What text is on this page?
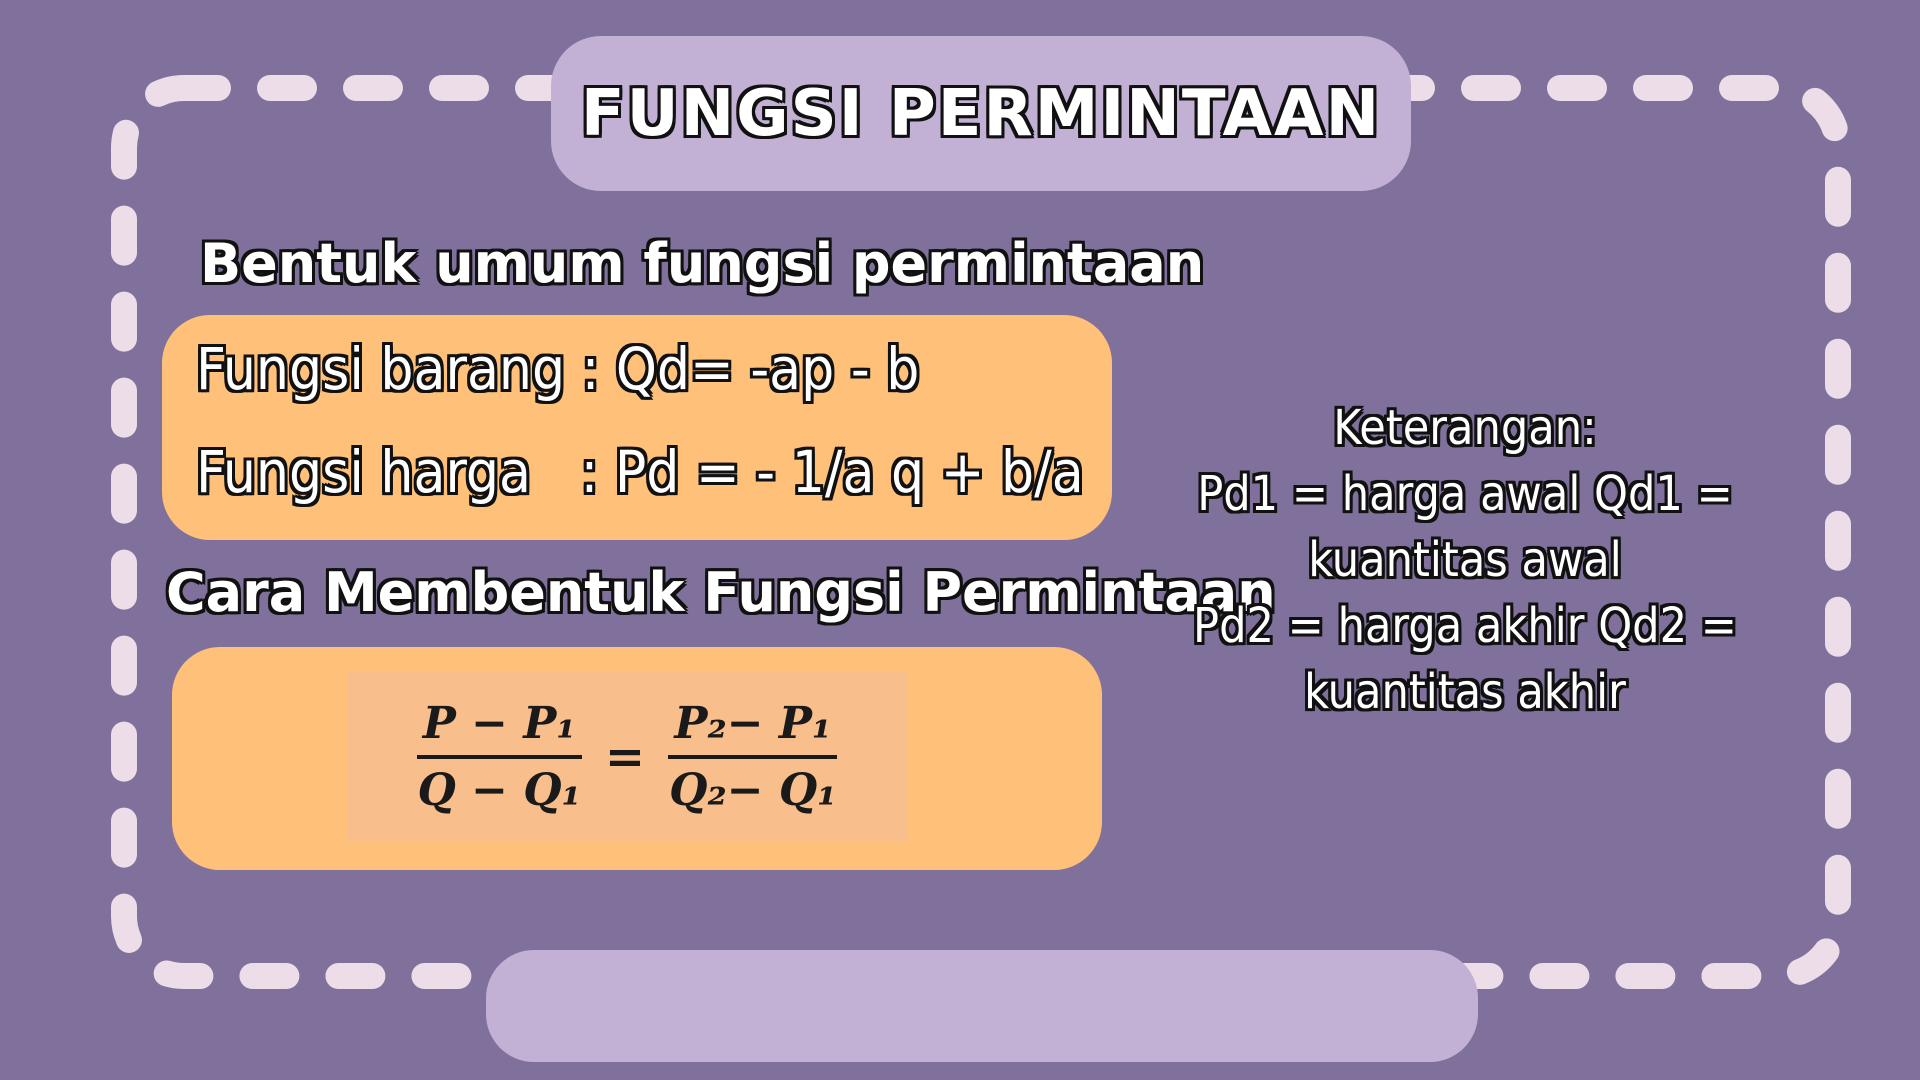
FUNGSI PERMINTAAN
Bentuk umum fungsi permintaan
Fungsi barang : Qd= -ap - b
Fungsi harga   : Pd = - 1/a q + b/a
Cara Membentuk Fungsi Permintaan
$\frac{\text{P − P₁}}{\text{Q − Q₁}} = \frac{\text{P₂− P₁}}{\text{Q₂− Q₁}}$
Keterangan:
Pd1 = harga awal Qd1 =
kuantitas awal
Pd2 = harga akhir Qd2 =
kuantitas akhir
